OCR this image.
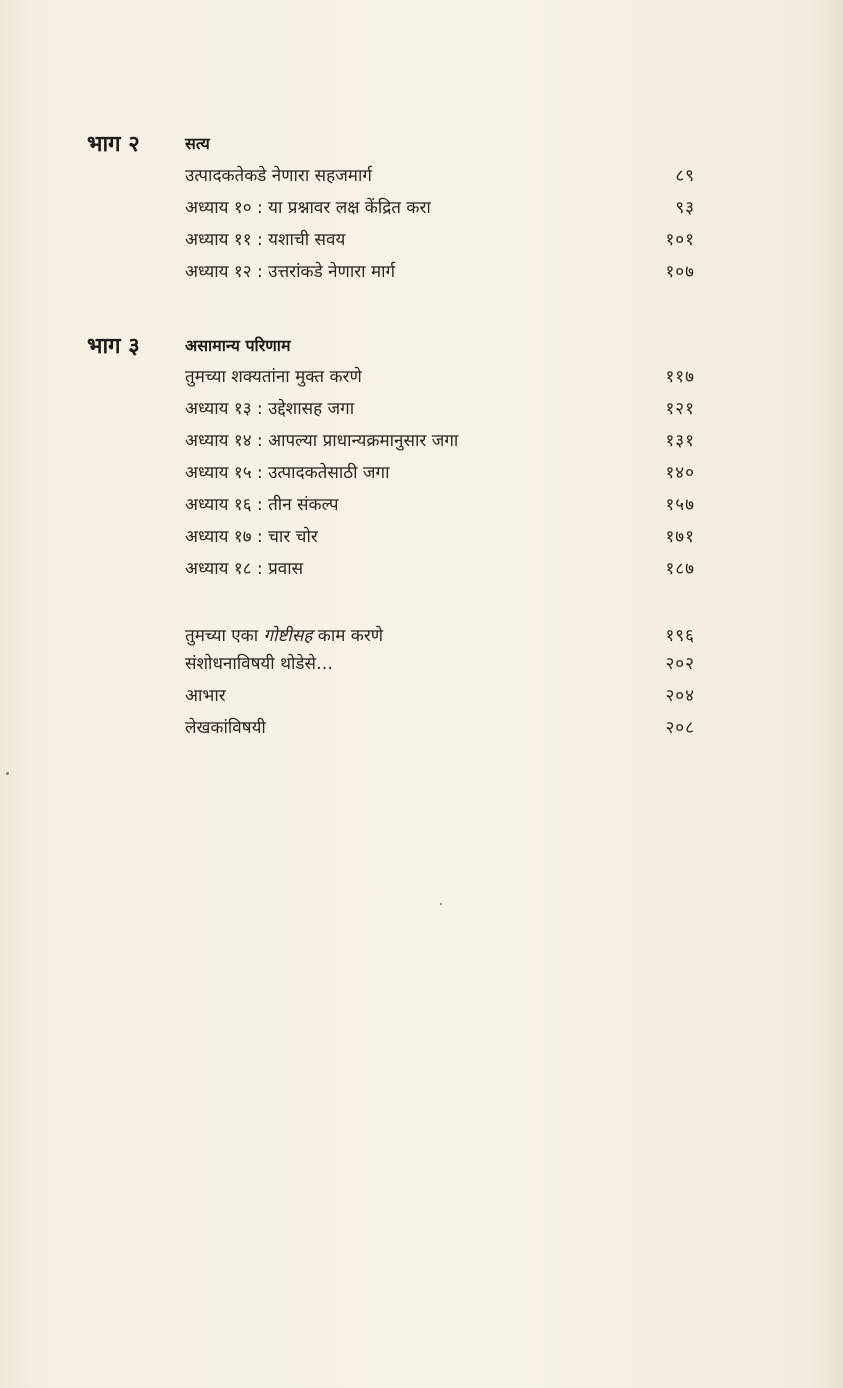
भाग २	सत्य
उत्पादकतेकडे नेणारा सहजमार्ग	८९
अध्याय १० : या प्रश्नावर लक्ष केंद्रित करा	९३
अध्याय ११ : यशाची सवय	१०१
अध्याय १२ : उत्तरांकडे नेणारा मार्ग	१०७
भाग ३	असामान्य परिणाम
तुमच्या शक्यतांना मुक्त करणे	११७
अध्याय १३ : उद्देशासह जगा	१२१
अध्याय १४ : आपल्या प्राधान्यक्रमानुसार जगा	१३१
अध्याय १५ : उत्पादकतेसाठी जगा	१४०
अध्याय १६ : तीन संकल्प	१५७
अध्याय १७ : चार चोर	१७१
अध्याय १८ : प्रवास	१८७
तुमच्या एका गोष्टीसह काम करणे	१९६
संशोधनाविषयी थोडेसे…	२०२
आभार	२०४
लेखकांविषयी	२०८
